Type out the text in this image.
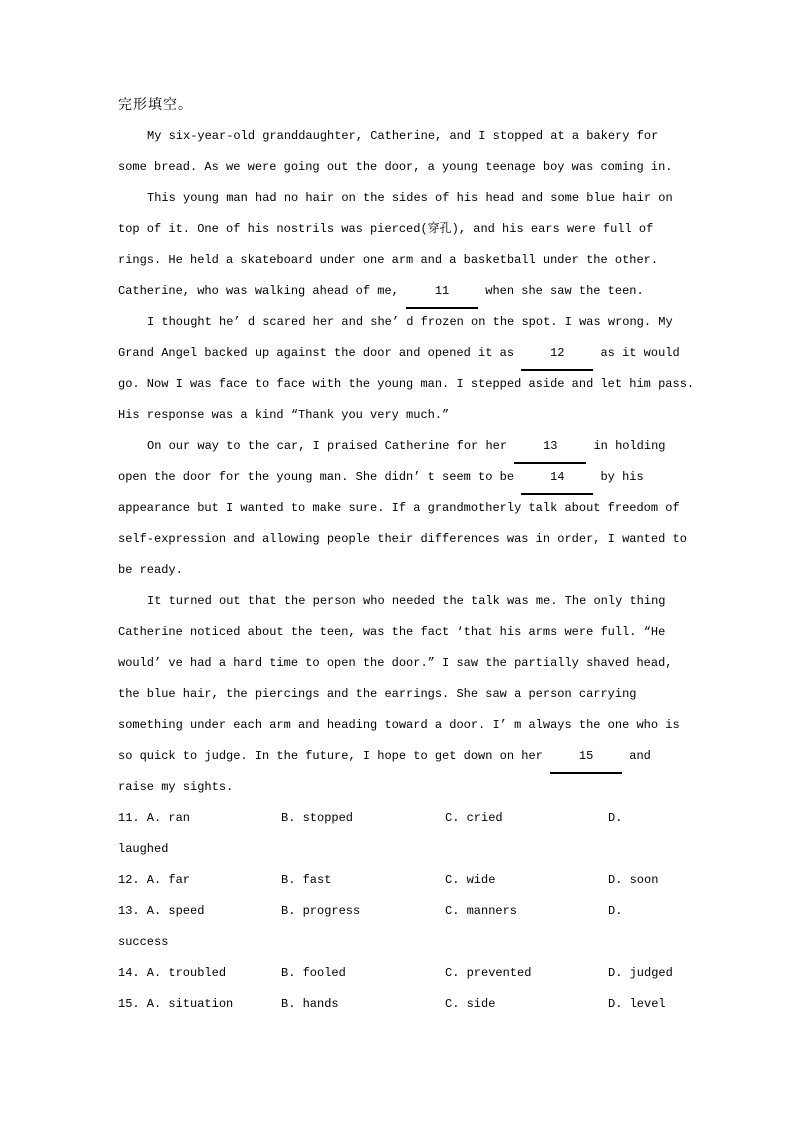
完形填空。
My six-year-old granddaughter, Catherine, and I stopped at a bakery for
some bread. As we were going out the door, a young teenage boy was coming in.
This young man had no hair on the sides of his head and some blue hair on
top of it. One of his nostrils was pierced(穿孔), and his ears were full of
rings. He held a skateboard under one arm and a basketball under the other.
Catherine, who was walking ahead of me, 11 when she saw the teen.
I thought he’ d scared her and she’ d frozen on the spot. I was wrong. My
Grand Angel backed up against the door and opened it as 12 as it would
go. Now I was face to face with the young man. I stepped aside and let him pass.
His response was a kind “Thank you very much.”
On our way to the car, I praised Catherine for her 13 in holding
open the door for the young man. She didn’ t seem to be 14 by his
appearance but I wanted to make sure. If a grandmotherly talk about freedom of
self-expression and allowing people their differences was in order, I wanted to
be ready.
It turned out that the person who needed the talk was me. The only thing
Catherine noticed about the teen, was the fact ‘that his arms were full. “He
would’ ve had a hard time to open the door.” I saw the partially shaved head,
the blue hair, the piercings and the earrings. She saw a person carrying
something under each arm and heading toward a door. I’ m always the one who is
so quick to judge. In the future, I hope to get down on her 15 and
raise my sights.
11. A. ran	B. stopped	C. cried	D.
laughed
12. A. far	B. fast	C. wide	D. soon
13. A. speed	B. progress	C. manners	D.
success
14. A. troubled	B. fooled	C. prevented	D. judged
15. A. situation	B. hands	C. side	D. level
